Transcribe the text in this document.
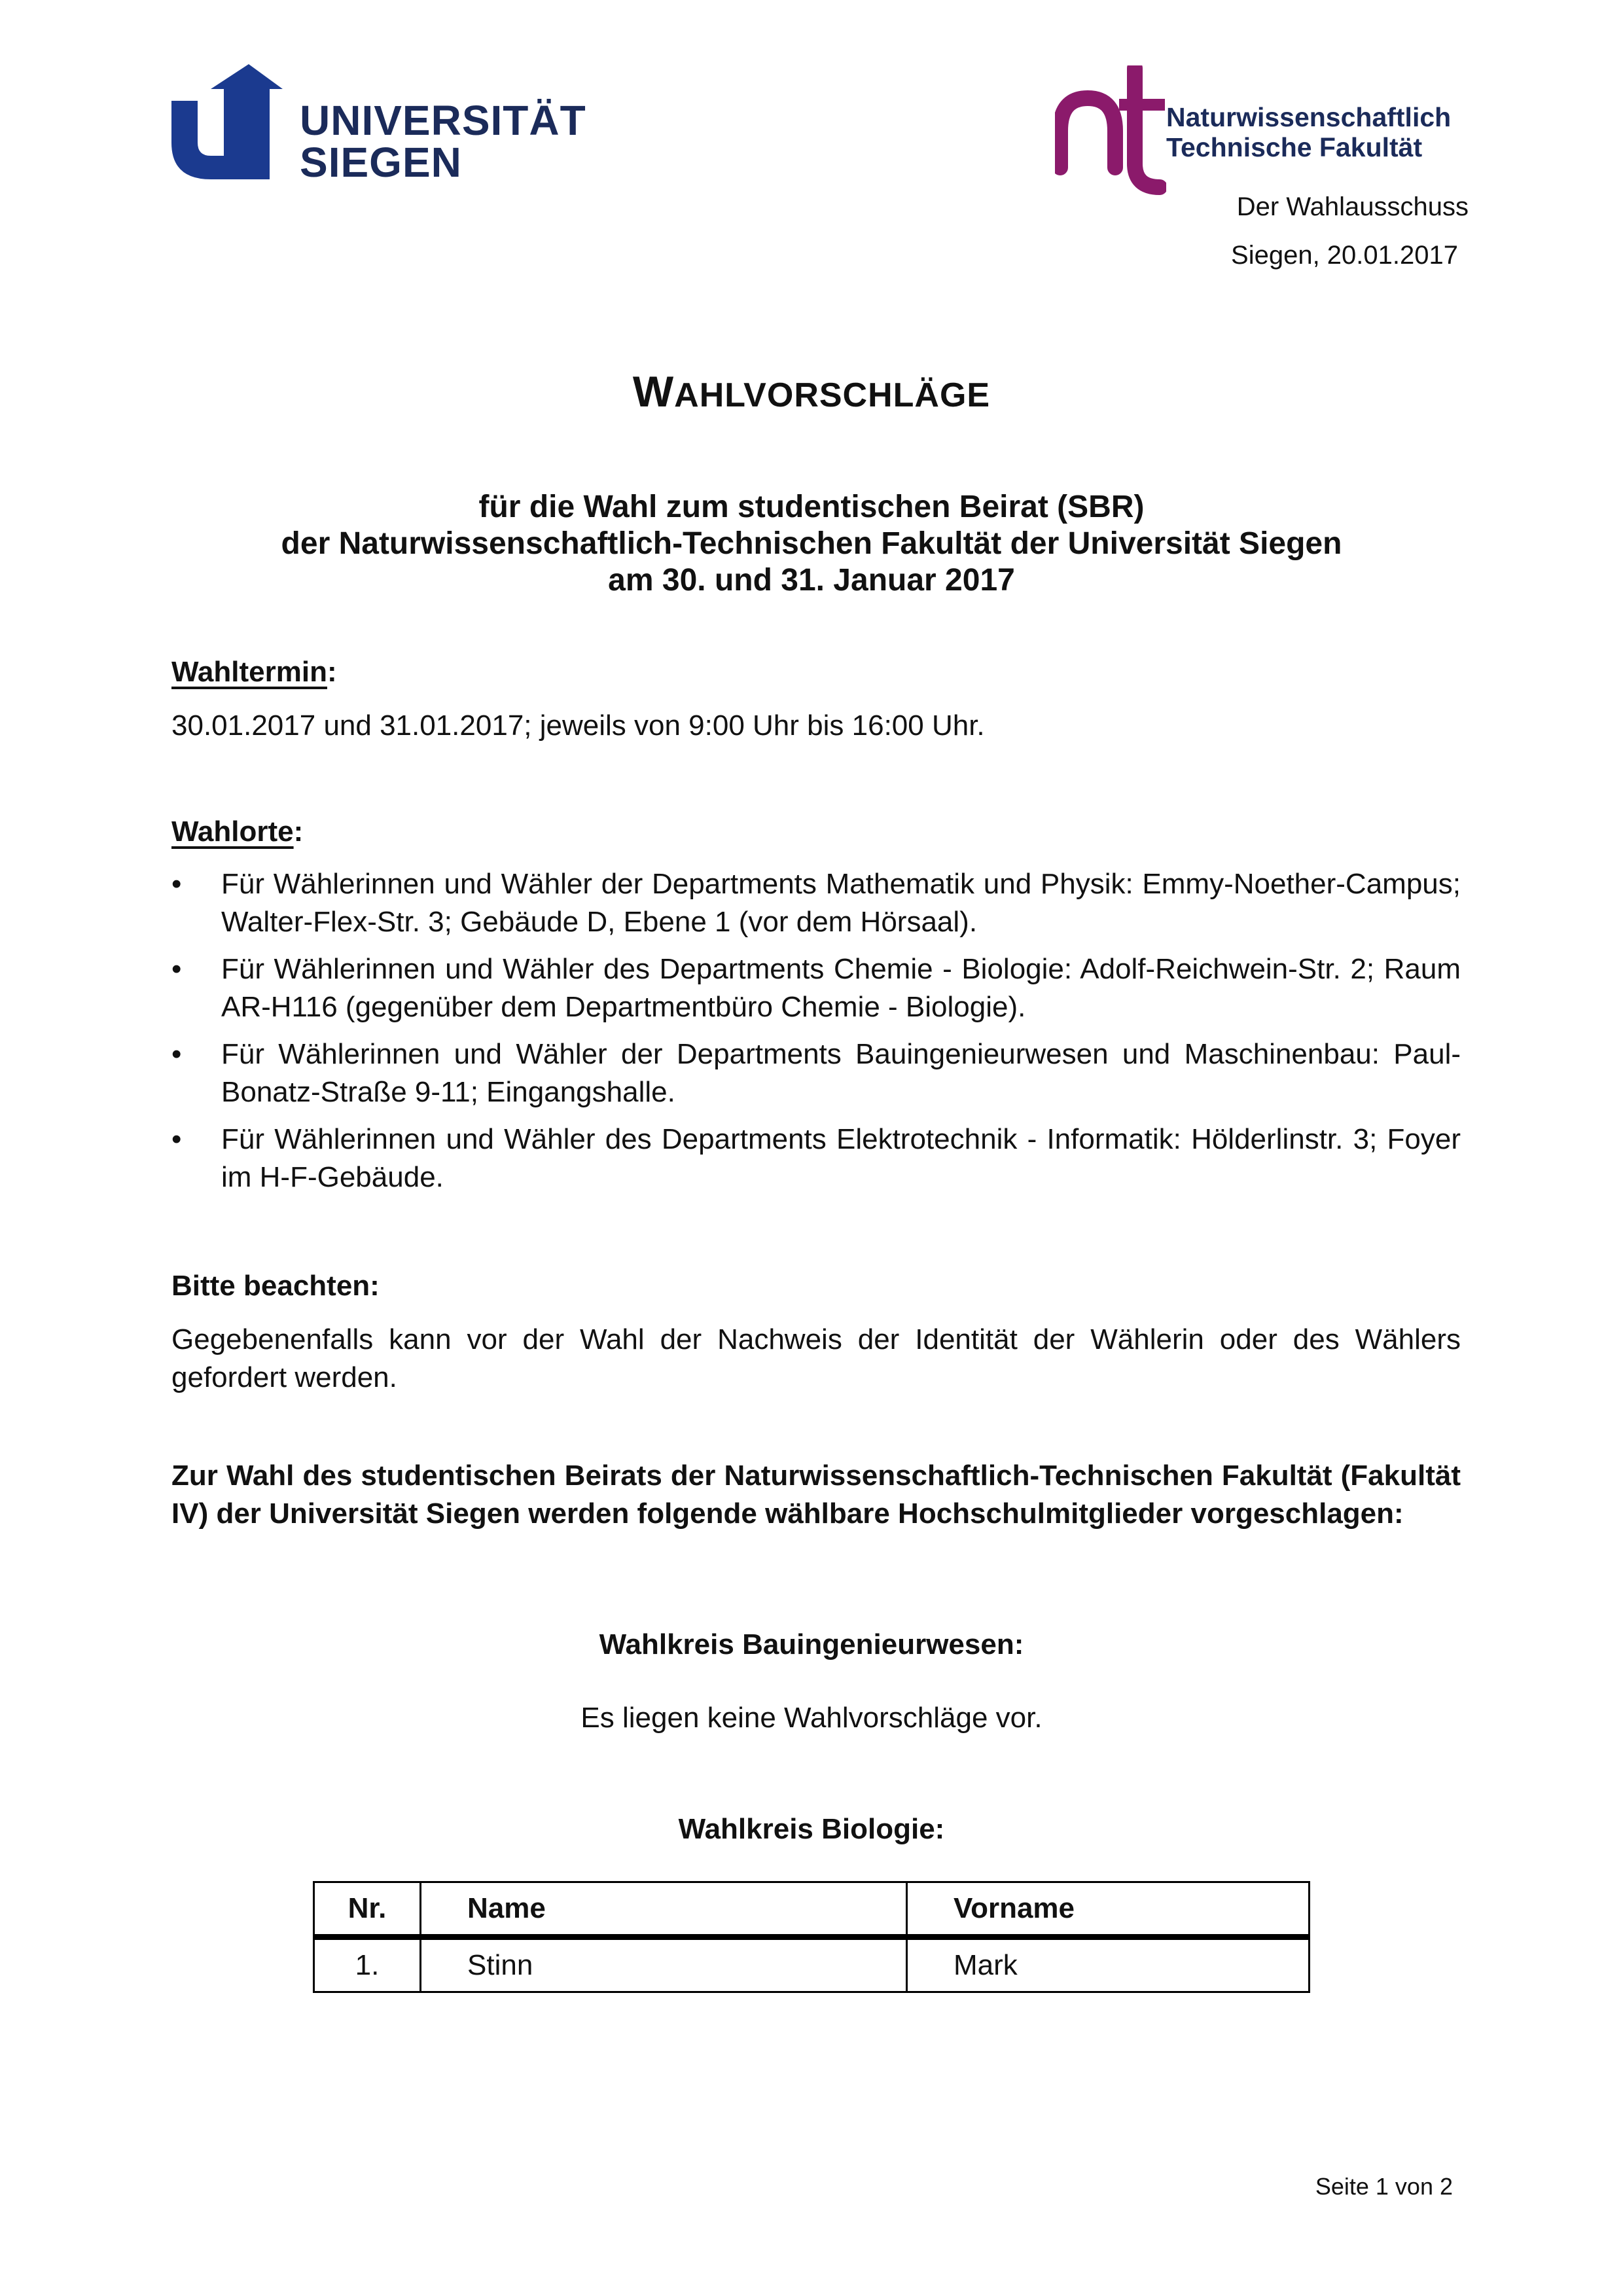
UNIVERSITÄT
SIEGEN
Naturwissenschaftlich
Technische Fakultät
Der Wahlausschuss
Siegen, 20.01.2017
WAHLVORSCHLÄGE
für die Wahl zum studentischen Beirat (SBR)
der Naturwissenschaftlich-Technischen Fakultät der Universität Siegen
am 30. und 31. Januar 2017
Wahltermin:
30.01.2017 und 31.01.2017; jeweils von 9:00 Uhr bis 16:00 Uhr.
Wahlorte:
• Für Wählerinnen und Wähler der Departments Mathematik und Physik: Emmy-Noether-Campus; Walter-Flex-Str. 3; Gebäude D, Ebene 1 (vor dem Hörsaal).
• Für Wählerinnen und Wähler des Departments Chemie - Biologie: Adolf-Reichwein-Str. 2; Raum AR-H116 (gegenüber dem Departmentbüro Chemie - Biologie).
• Für Wählerinnen und Wähler der Departments Bauingenieurwesen und Maschinenbau: Paul-Bonatz-Straße 9-11; Eingangshalle.
• Für Wählerinnen und Wähler des Departments Elektrotechnik - Informatik: Hölderlinstr. 3; Foyer im H-F-Gebäude.
Bitte beachten:
Gegebenenfalls kann vor der Wahl der Nachweis der Identität der Wählerin oder des Wählers gefordert werden.
Zur Wahl des studentischen Beirats der Naturwissenschaftlich-Technischen Fakultät (Fakultät IV) der Universität Siegen werden folgende wählbare Hochschulmitglieder vorgeschlagen:
Wahlkreis Bauingenieurwesen:
Es liegen keine Wahlvorschläge vor.
Wahlkreis Biologie:
Nr.	Name	Vorname
1.	Stinn	Mark
Seite 1 von 2
